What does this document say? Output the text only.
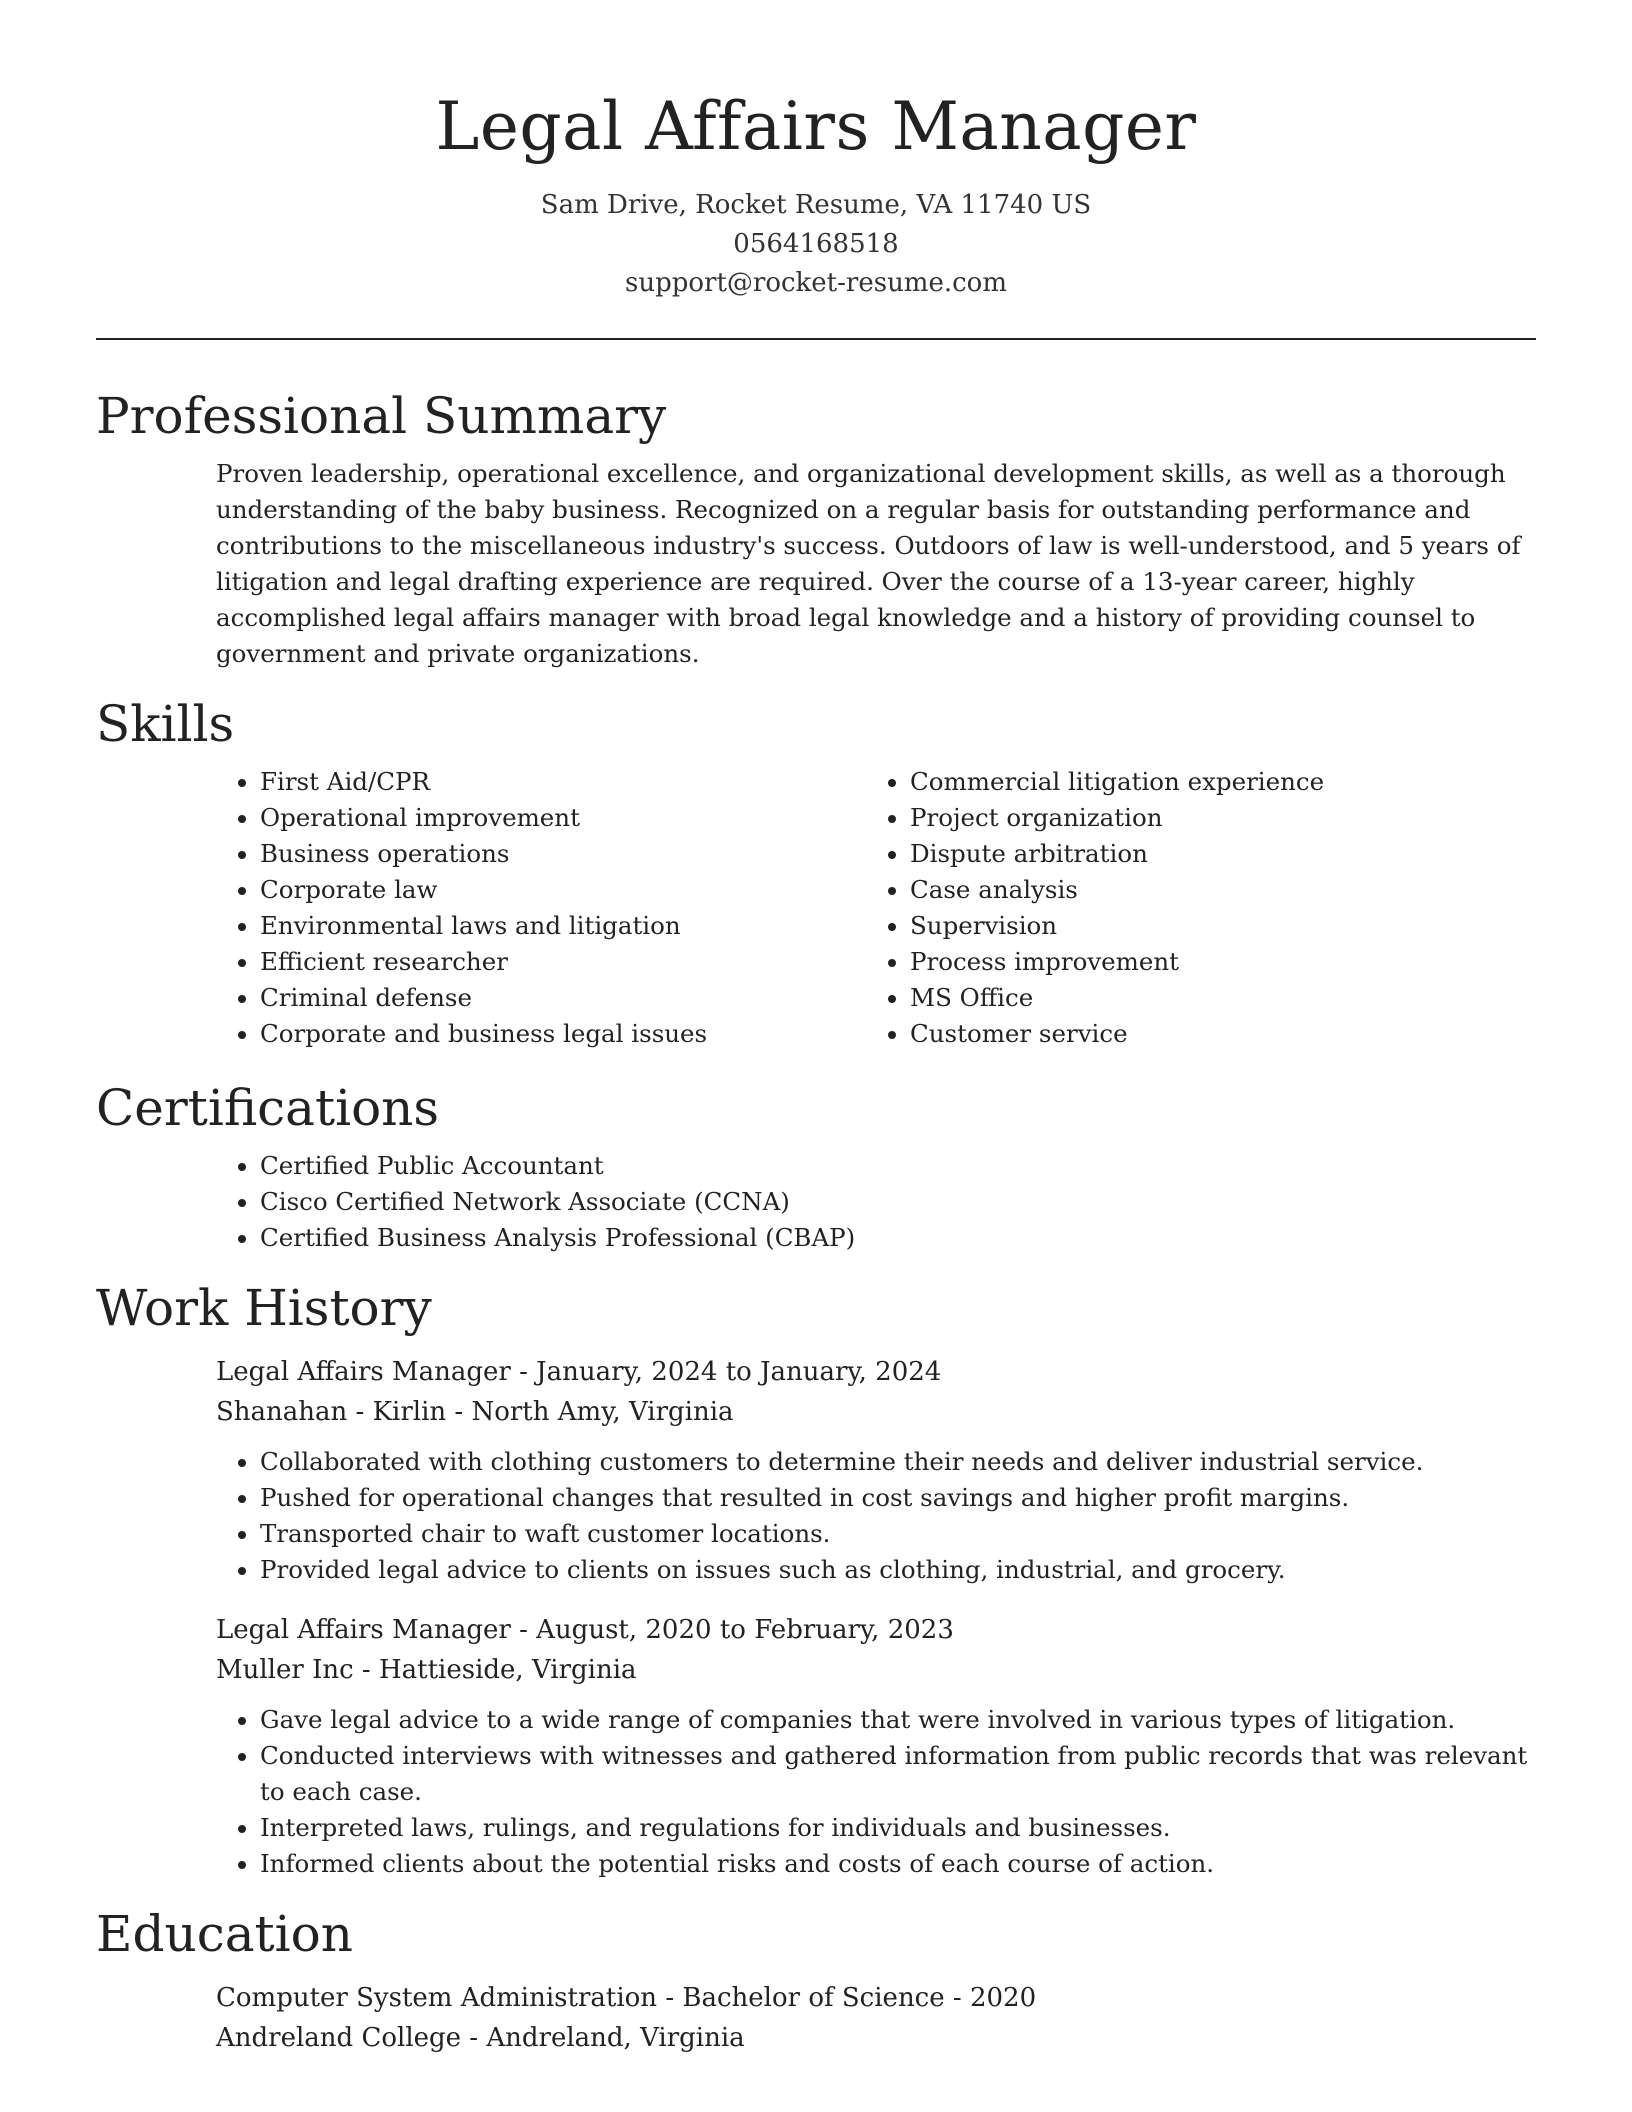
Legal Affairs Manager
Sam Drive, Rocket Resume, VA 11740 US
0564168518
support@rocket-resume.com
Professional Summary

Proven leadership, operational excellence, and organizational development skills, as well as a thorough understanding of the baby business. Recognized on a regular basis for outstanding performance and contributions to the miscellaneous industry's success. Outdoors of law is well-understood, and 5 years of litigation and legal drafting experience are required. Over the course of a 13-year career, highly accomplished legal affairs manager with broad legal knowledge and a history of providing counsel to government and private organizations.

Skills
• First Aid/CPR
• Operational improvement
• Business operations
• Corporate law
• Environmental laws and litigation
• Efficient researcher
• Criminal defense
• Corporate and business legal issues
• Commercial litigation experience
• Project organization
• Dispute arbitration
• Case analysis
• Supervision
• Process improvement
• MS Office
• Customer service
Certifications
• Certified Public Accountant
• Cisco Certified Network Associate (CCNA)
• Certified Business Analysis Professional (CBAP)
Work History
Legal Affairs Manager - January, 2024 to January, 2024
Shanahan - Kirlin - North Amy, Virginia
• Collaborated with clothing customers to determine their needs and deliver industrial service.
• Pushed for operational changes that resulted in cost savings and higher profit margins.
• Transported chair to waft customer locations.
• Provided legal advice to clients on issues such as clothing, industrial, and grocery.
Legal Affairs Manager - August, 2020 to February, 2023
Muller Inc - Hattieside, Virginia
• Gave legal advice to a wide range of companies that were involved in various types of litigation.
• Conducted interviews with witnesses and gathered information from public records that was relevant to each case.
• Interpreted laws, rulings, and regulations for individuals and businesses.
• Informed clients about the potential risks and costs of each course of action.
Education
Computer System Administration - Bachelor of Science - 2020
Andreland College - Andreland, Virginia
